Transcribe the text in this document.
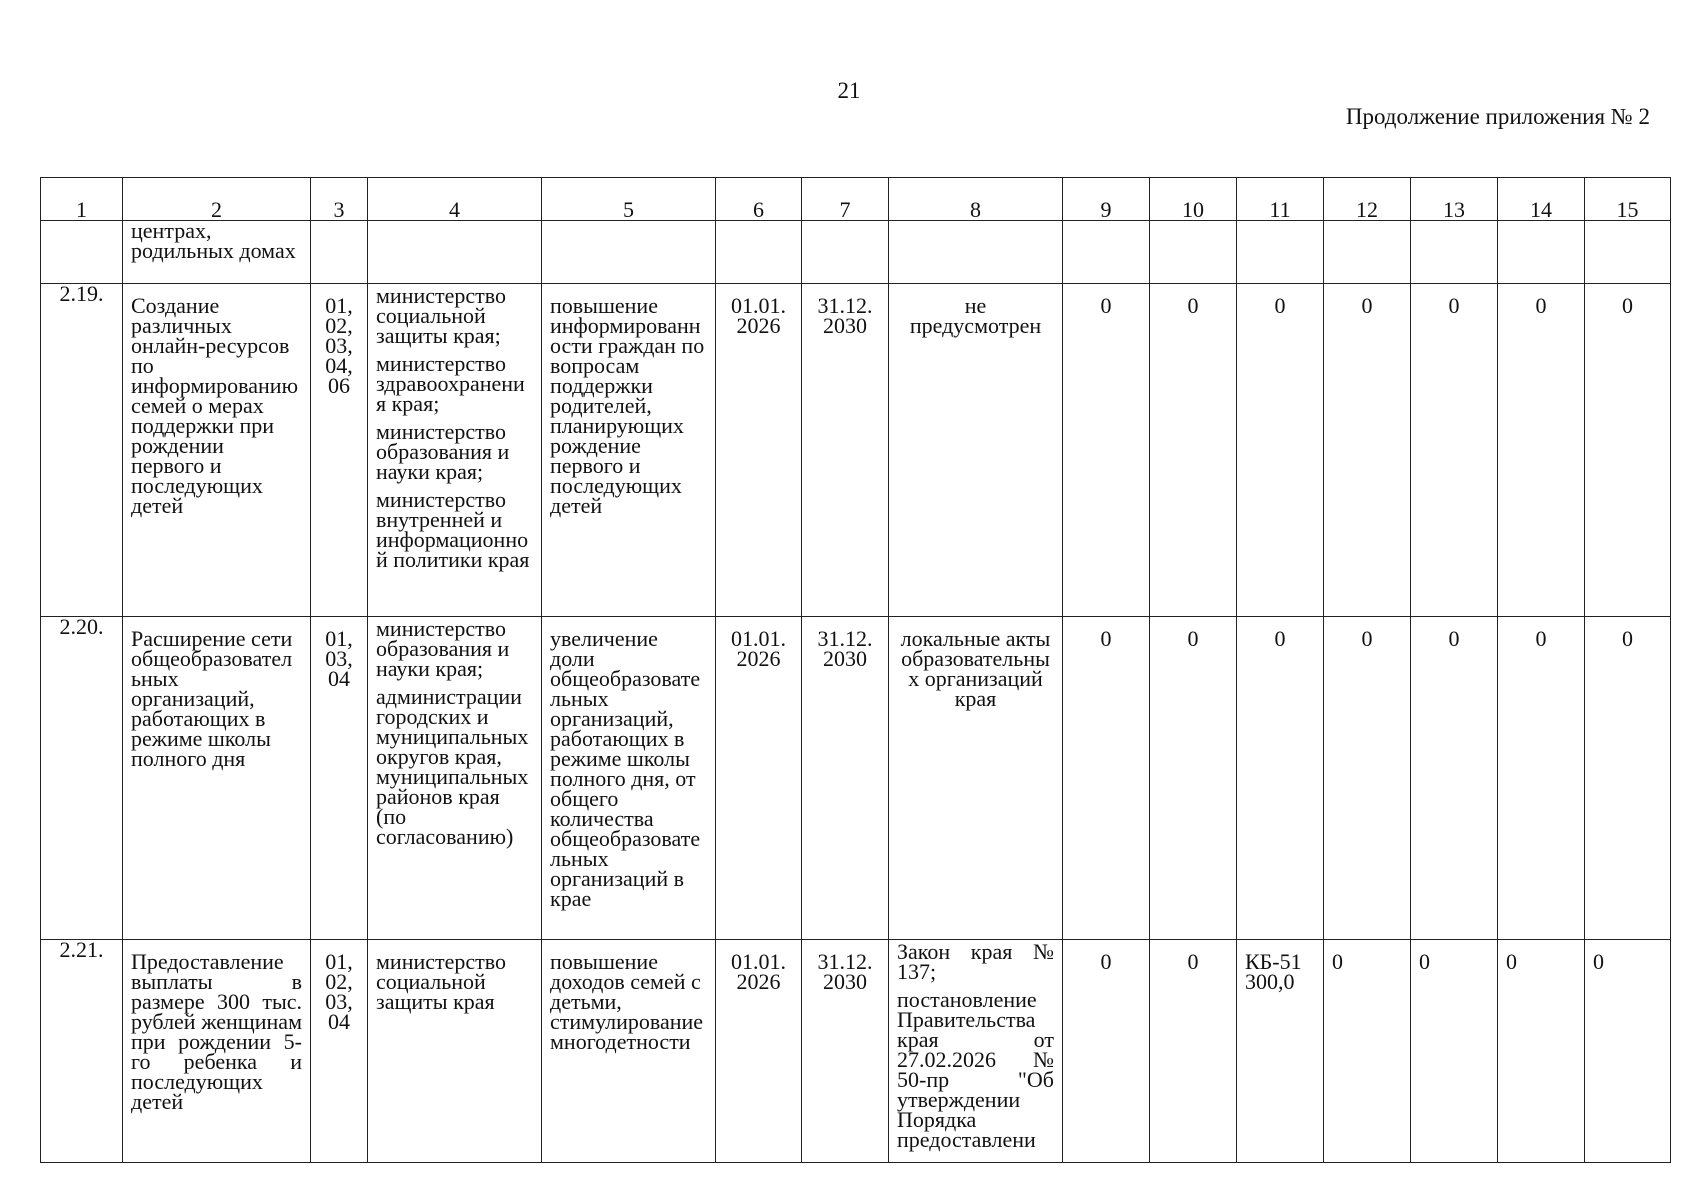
21
Продолжение приложения № 2
1	2	3	4	5	6	7	8	9	10	11	12	13	14	15
	центрах, родильных домах													
2.19.	Создание различных онлайн-ресурсов по информированию семей о мерах поддержки при рождении первого и последующих детей	01, 02, 03, 04, 06	министерство социальной защиты края;
министерство здравоохранения края;
министерство образования и науки края;
министерство внутренней и информационной политики края	повышение информированности граждан по вопросам поддержки родителей, планирующих рождение первого и последующих детей	01.01. 2026	31.12. 2030	не предусмотрен	0	0	0	0	0	0	0

2.20.	Расширение сети общеобразовательных организаций, работающих в режиме школы полного дня	01, 03, 04	министерство образования и науки края;
администрации городских и муниципальных округов края, муниципальных районов края (по согласованию)	увеличение доли общеобразовательных организаций, работающих в режиме школы полного дня, от общего количества общеобразовательных организаций в крае	01.01. 2026	31.12. 2030	локальные акты образовательных организаций края	0	0	0	0	0	0	0

2.21.	Предоставление выплаты в размере 300 тыс. рублей женщинам при рождении 5-го ребенка и последующих детей	01, 02, 03, 04	министерство социальной защиты края	повышение доходов семей с детьми, стимулирование многодетности	01.01. 2026	31.12. 2030	Закон края № 137;
постановление Правительства края от 27.02.2026 № 50-пр "Об утверждении Порядка предоставлени	0	0	КБ-51 300,0	0	0	0	0
